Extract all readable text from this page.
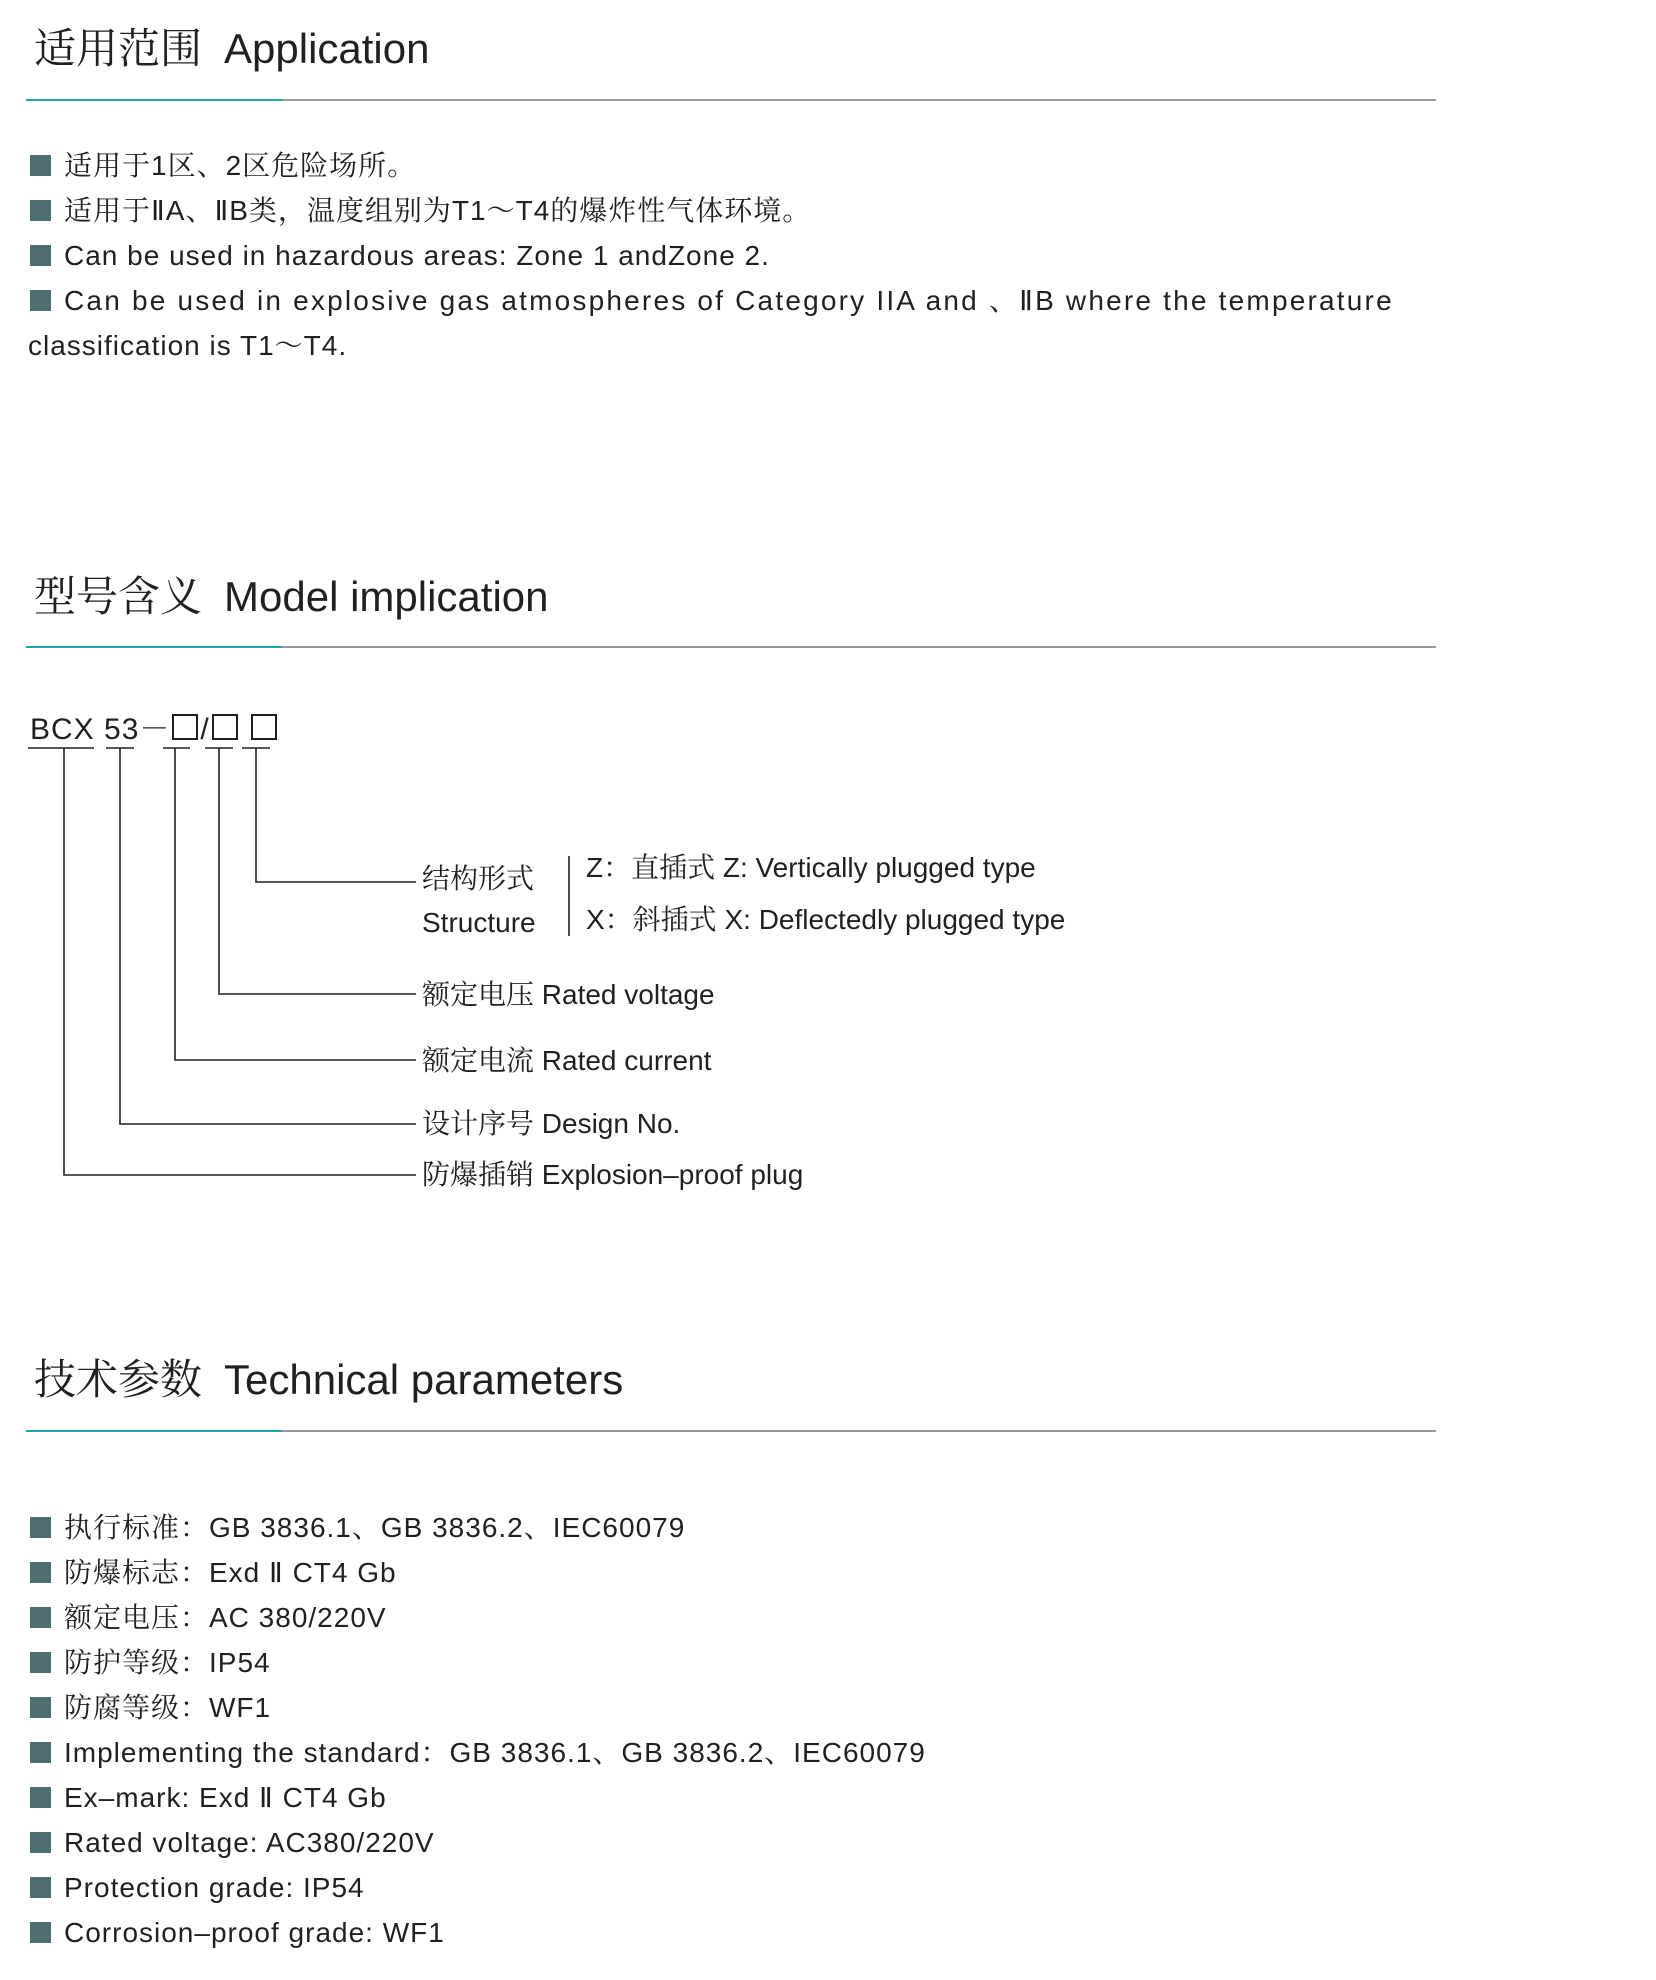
适用范围 Application
适用于1区、2区危险场所。
适用于ⅡA、ⅡB类，温度组别为T1～T4的爆炸性气体环境。
Can be used in hazardous areas: Zone 1 andZone 2.
Can be used in explosive gas atmospheres of Category IIA and 、ⅡB where the temperature
classification is T1～T4.
型号含义 Model implication
BCX 53－ /
结构形式
Structure
Z：直插式 Z: Vertically plugged type
X：斜插式 X: Deflectedly plugged type
额定电压 Rated voltage
额定电流 Rated current
设计序号 Design No.
防爆插销 Explosion–proof plug
技术参数 Technical parameters
执行标准：GB 3836.1、GB 3836.2、IEC60079
防爆标志：Exd Ⅱ CT4 Gb
额定电压：AC 380/220V
防护等级：IP54
防腐等级：WF1
Implementing the standard：GB 3836.1、GB 3836.2、IEC60079
Ex–mark: Exd Ⅱ CT4 Gb
Rated voltage: AC380/220V
Protection grade: IP54
Corrosion–proof grade: WF1
